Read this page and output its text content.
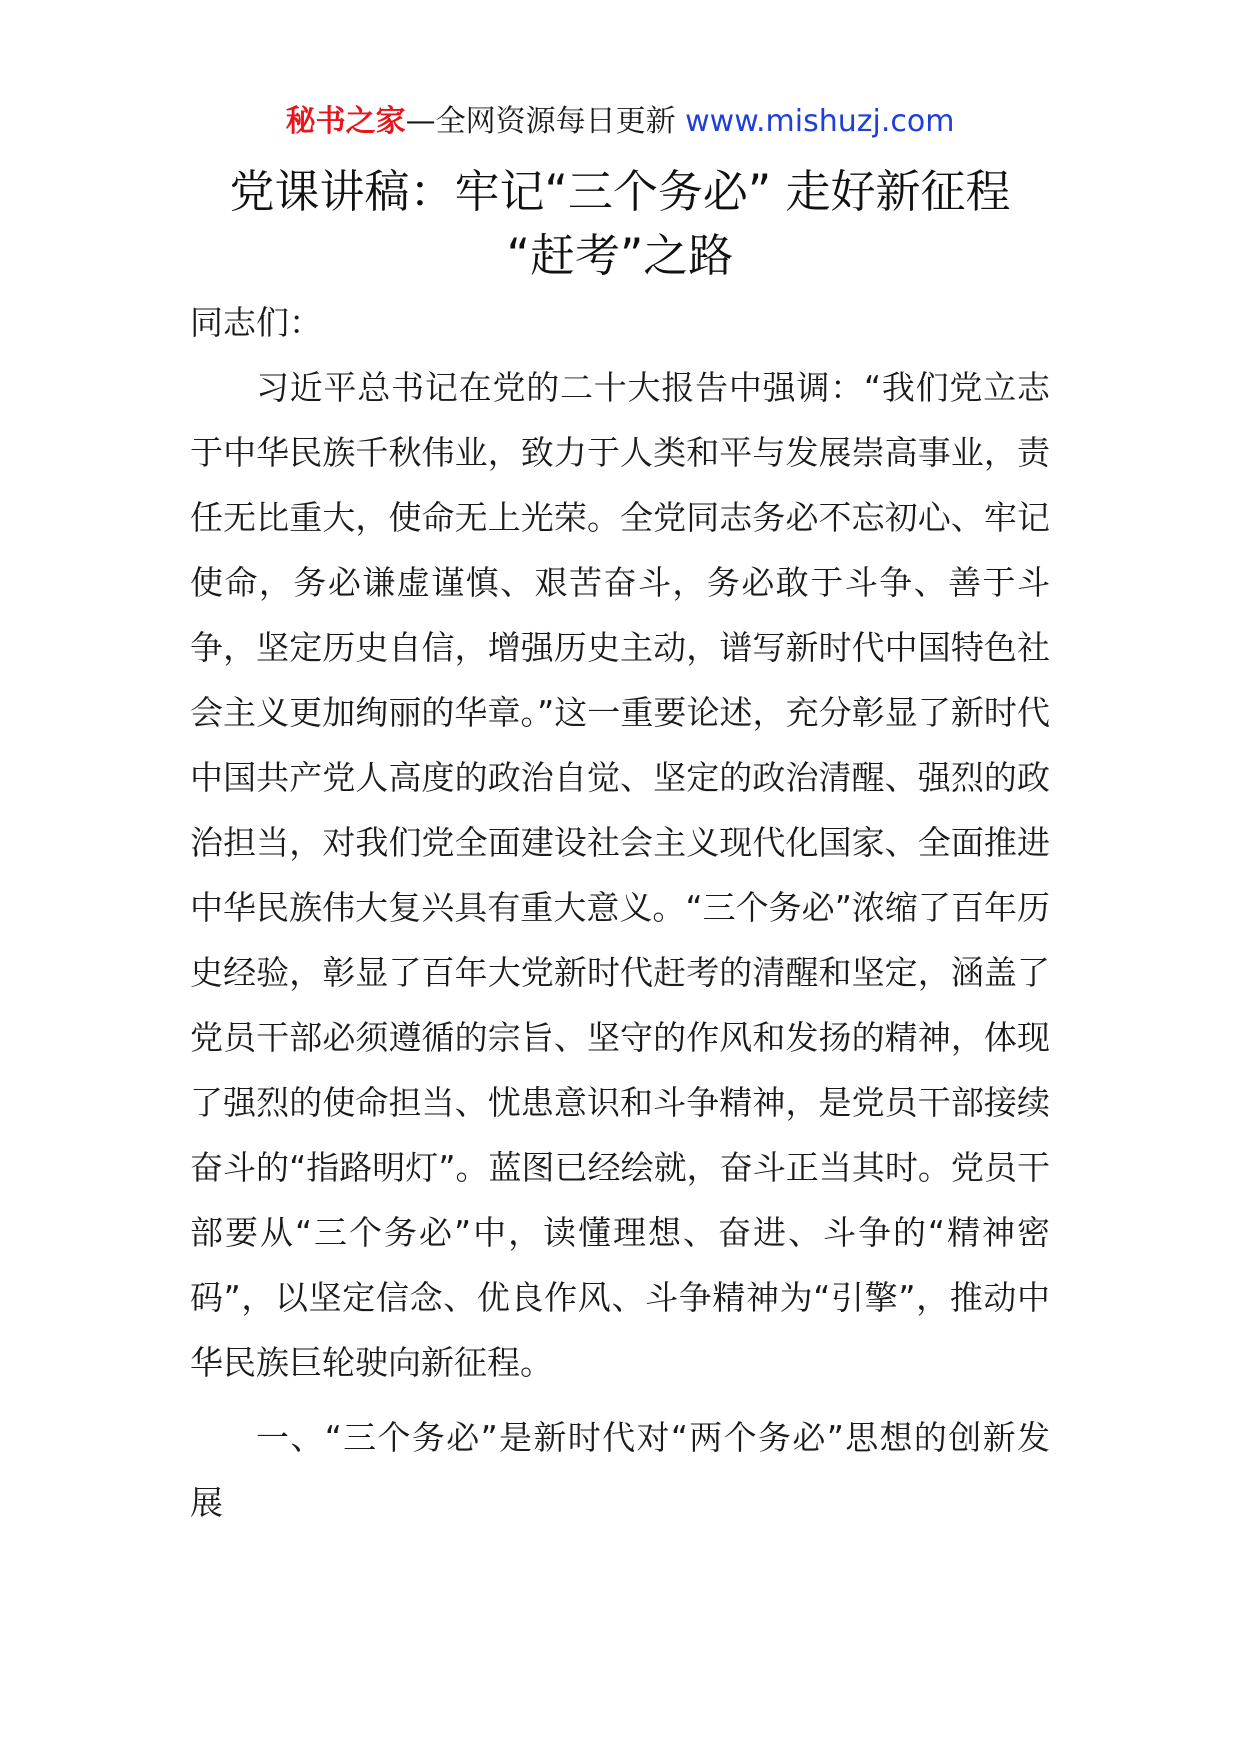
秘书之家—全网资源每日更新 www.mishuzj.com
党课讲稿：牢记“三个务必” 走好新征程
“赶考”之路

同志们：

习近平总书记在党的二十大报告中强调：“我们党立志于中华民族千秋伟业，致力于人类和平与发展崇高事业，责任无比重大，使命无上光荣。全党同志务必不忘初心、牢记使命，务必谦虚谨慎、艰苦奋斗，务必敢于斗争、善于斗争，坚定历史自信，增强历史主动，谱写新时代中国特色社会主义更加绚丽的华章。”这一重要论述，充分彰显了新时代中国共产党人高度的政治自觉、坚定的政治清醒、强烈的政治担当，对我们党全面建设社会主义现代化国家、全面推进中华民族伟大复兴具有重大意义。“三个务必”浓缩了百年历史经验，彰显了百年大党新时代赶考的清醒和坚定，涵盖了党员干部必须遵循的宗旨、坚守的作风和发扬的精神，体现了强烈的使命担当、忧患意识和斗争精神，是党员干部接续奋斗的“指路明灯”。蓝图已经绘就，奋斗正当其时。党员干部要从“三个务必”中，读懂理想、奋进、斗争的“精神密码”，以坚定信念、优良作风、斗争精神为“引擎”，推动中华民族巨轮驶向新征程。

一、“三个务必”是新时代对“两个务必”思想的创新发展
